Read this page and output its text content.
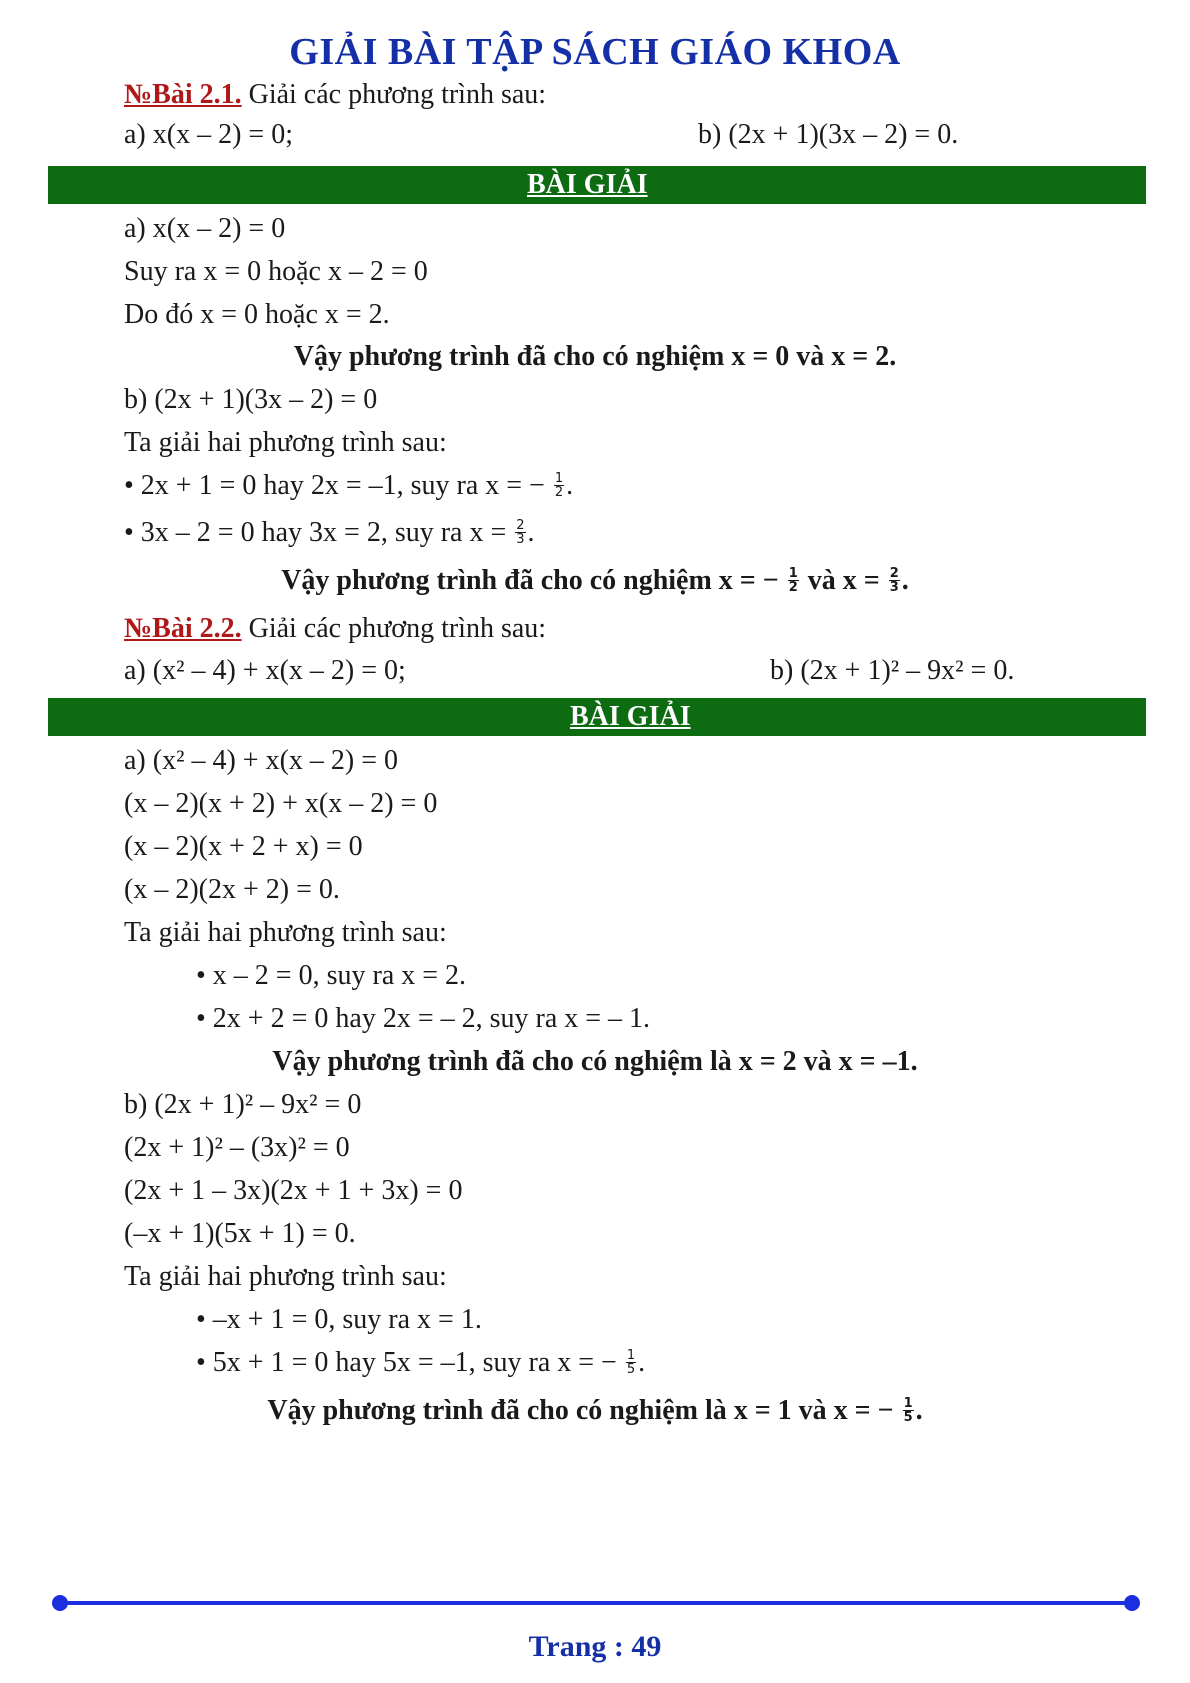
GIẢI BÀI TẬP SÁCH GIÁO KHOA
№Bài 2.1. Giải các phương trình sau:
a) x(x – 2) = 0;	b) (2x + 1)(3x – 2) = 0.
BÀI GIẢI
a) x(x – 2) = 0
Suy ra x = 0 hoặc x – 2 = 0
Do đó x = 0 hoặc x = 2.
Vậy phương trình đã cho có nghiệm x = 0 và x = 2.
b) (2x + 1)(3x – 2) = 0
Ta giải hai phương trình sau:
• 2x + 1 = 0 hay 2x = –1, suy ra x = − $\frac{1}{2}$ .
• 3x – 2 = 0 hay 3x = 2, suy ra $x = \frac{2}{3}$ .
Vậy phương trình đã cho có nghiệm x = − $\frac{1}{2}$ và $x = \frac{2}{3}$ .
№Bài 2.2. Giải các phương trình sau:
a) (x² – 4) + x(x – 2) = 0;	b) (2x + 1)² – 9x² = 0.
BÀI GIẢI
a) (x² – 4) + x(x – 2) = 0
(x – 2)(x + 2) + x(x – 2) = 0
(x – 2)(x + 2 + x) = 0
(x – 2)(2x + 2) = 0.
Ta giải hai phương trình sau:
• x – 2 = 0, suy ra x = 2.
• 2x + 2 = 0 hay 2x = – 2, suy ra x = – 1.
Vậy phương trình đã cho có nghiệm là x = 2 và x = –1.
b) (2x + 1)² – 9x² = 0
(2x + 1)² – (3x)² = 0
(2x + 1 – 3x)(2x + 1 + 3x) = 0
(–x + 1)(5x + 1) = 0.
Ta giải hai phương trình sau:
• –x + 1 = 0, suy ra x = 1.
• 5x + 1 = 0 hay 5x = –1, suy ra x = − $\frac{1}{5}$ .
Vậy phương trình đã cho có nghiệm là x = 1 và x = − $\frac{1}{5}$ .
Trang : 49
